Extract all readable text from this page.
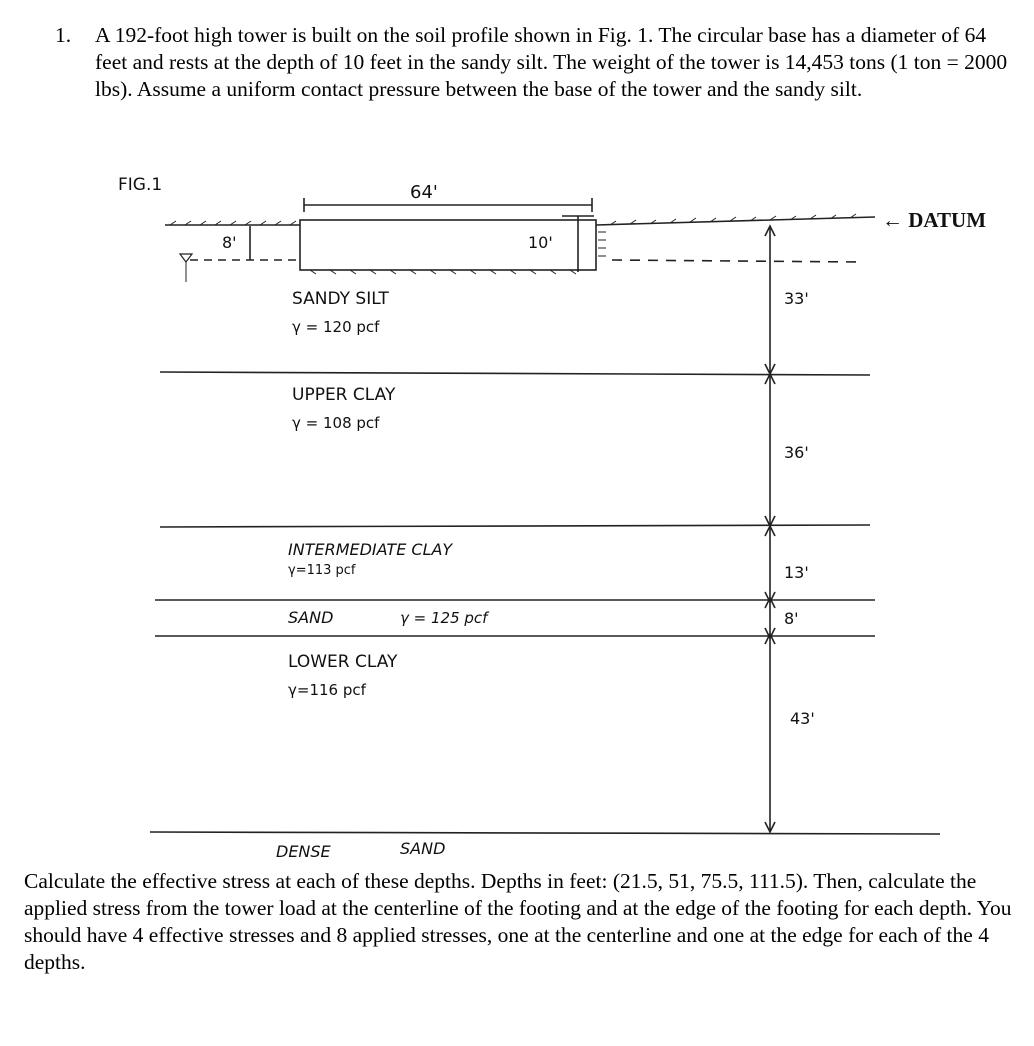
1. A 192-foot high tower is built on the soil profile shown in Fig. 1. The circular base has a diameter of 64 feet and rests at the depth of 10 feet in the sandy silt. The weight of the tower is 14,453 tons (1 ton = 2000 lbs). Assume a uniform contact pressure between the base of the tower and the sandy silt.
FIG.1	64'
10'
8'
← DATUM
SANDY SILT
γ = 120 pcf
33'
UPPER CLAY
γ = 108 pcf
36'
INTERMEDIATE CLAY
γ=113 pcf	13'
SAND	γ = 125 pcf	8'
LOWER CLAY
γ=116 pcf
43'
DENSE	SAND
Calculate the effective stress at each of these depths. Depths in feet: (21.5, 51, 75.5, 111.5). Then, calculate the applied stress from the tower load at the centerline of the footing and at the edge of the footing for each depth. You should have 4 effective stresses and 8 applied stresses, one at the centerline and one at the edge for each of the 4 depths.
